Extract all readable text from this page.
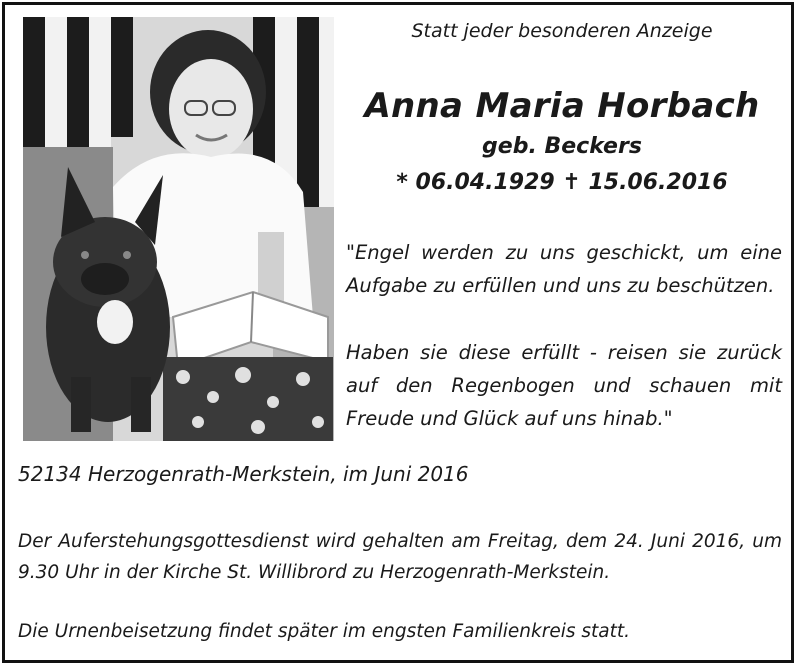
Statt jeder besonderen Anzeige
Anna Maria Horbach
geb. Beckers
* 06.04.1929 ✝ 15.06.2016
"Engel werden zu uns geschickt, um eine Aufgabe zu erfüllen und uns zu beschützen.
Haben sie diese erfüllt - reisen sie zurück auf den Regenbogen und schauen mit Freude und Glück auf uns hinab."
52134 Herzogenrath-Merkstein, im Juni 2016
Der Auferstehungsgottesdienst wird gehalten am Freitag, dem 24. Juni 2016, um 9.30 Uhr in der Kirche St. Willibrord zu Herzogenrath-Merkstein.
Die Urnenbeisetzung findet später im engsten Familienkreis statt.
